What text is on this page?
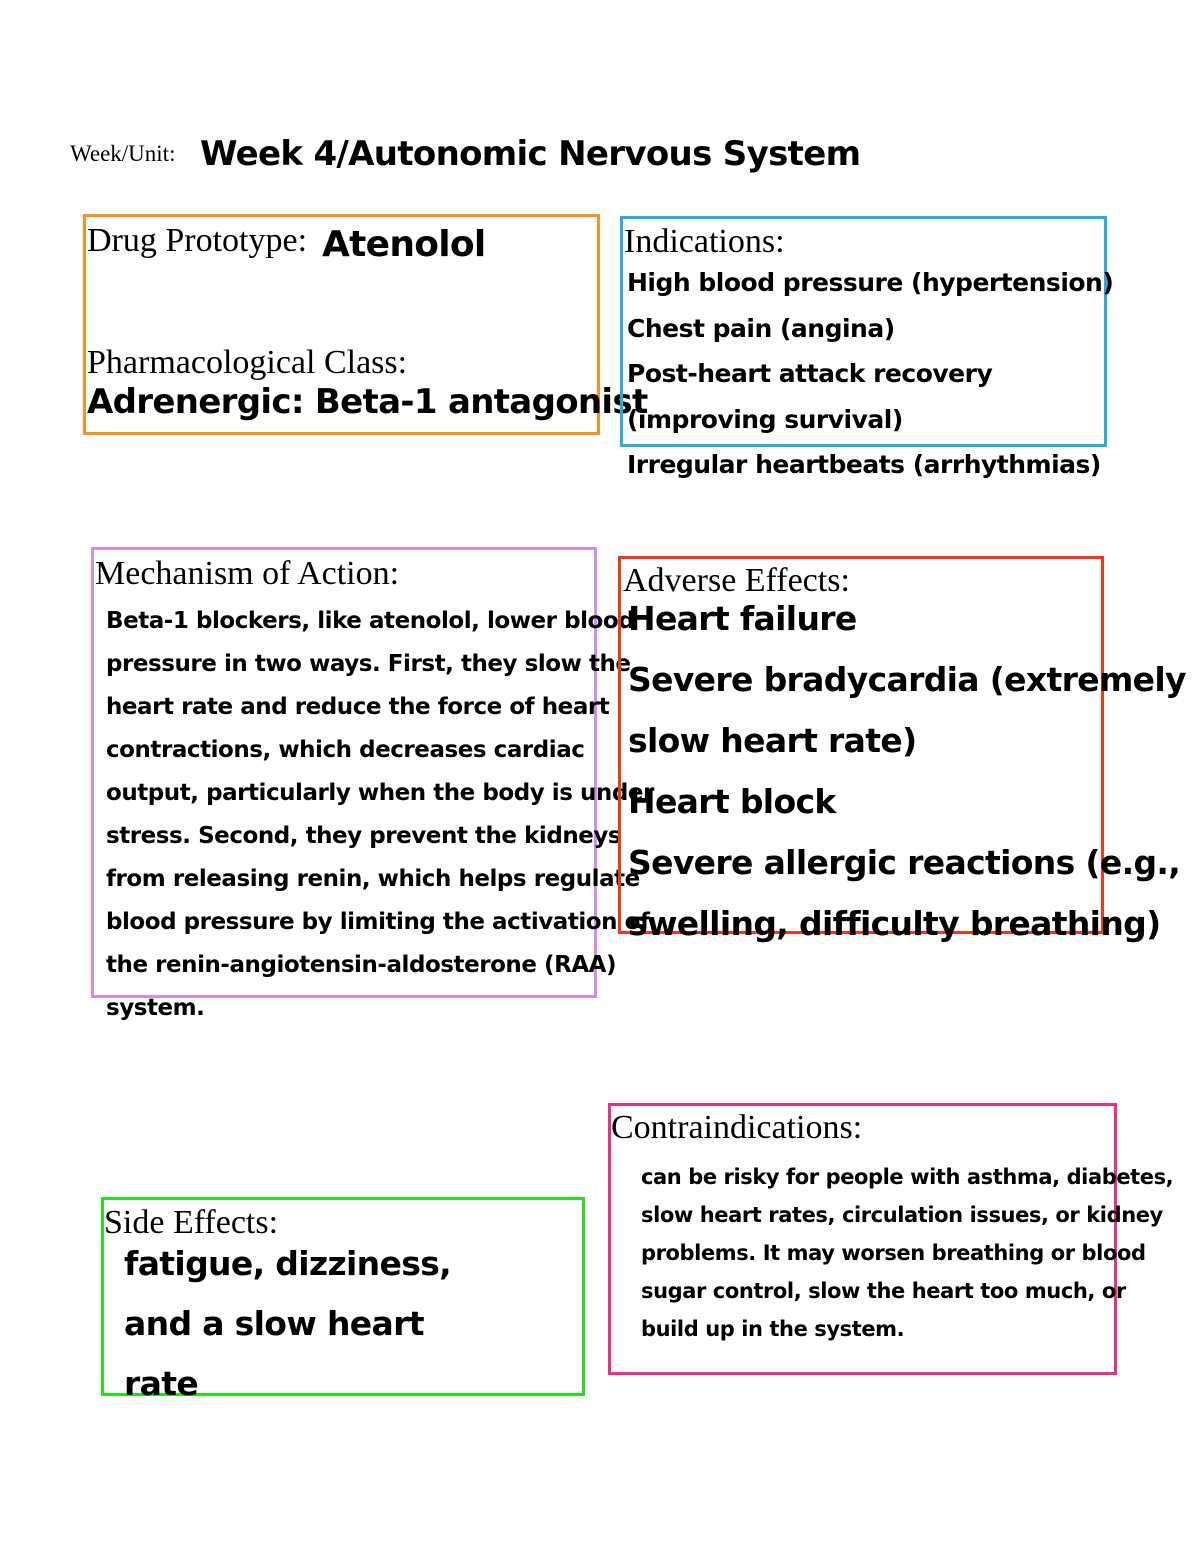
Week/Unit: Week 4/Autonomic Nervous System
Drug Prototype: Atenolol
Pharmacological Class:
Adrenergic: Beta-1 antagonist
Indications:
High blood pressure (hypertension)
Chest pain (angina)
Post-heart attack recovery
(improving survival)
Irregular heartbeats (arrhythmias)
Mechanism of Action:
Beta-1 blockers, like atenolol, lower blood
pressure in two ways. First, they slow the
heart rate and reduce the force of heart
contractions, which decreases cardiac
output, particularly when the body is under
stress. Second, they prevent the kidneys
from releasing renin, which helps regulate
blood pressure by limiting the activation of
the renin-angiotensin-aldosterone (RAA)
system.
Adverse Effects:
Heart failure
Severe bradycardia (extremely
slow heart rate)
Heart block
Severe allergic reactions (e.g.,
swelling, difficulty breathing)
Contraindications:
can be risky for people with asthma, diabetes,
slow heart rates, circulation issues, or kidney
problems. It may worsen breathing or blood
sugar control, slow the heart too much, or
build up in the system.
Side Effects:
fatigue, dizziness,
and a slow heart
rate
